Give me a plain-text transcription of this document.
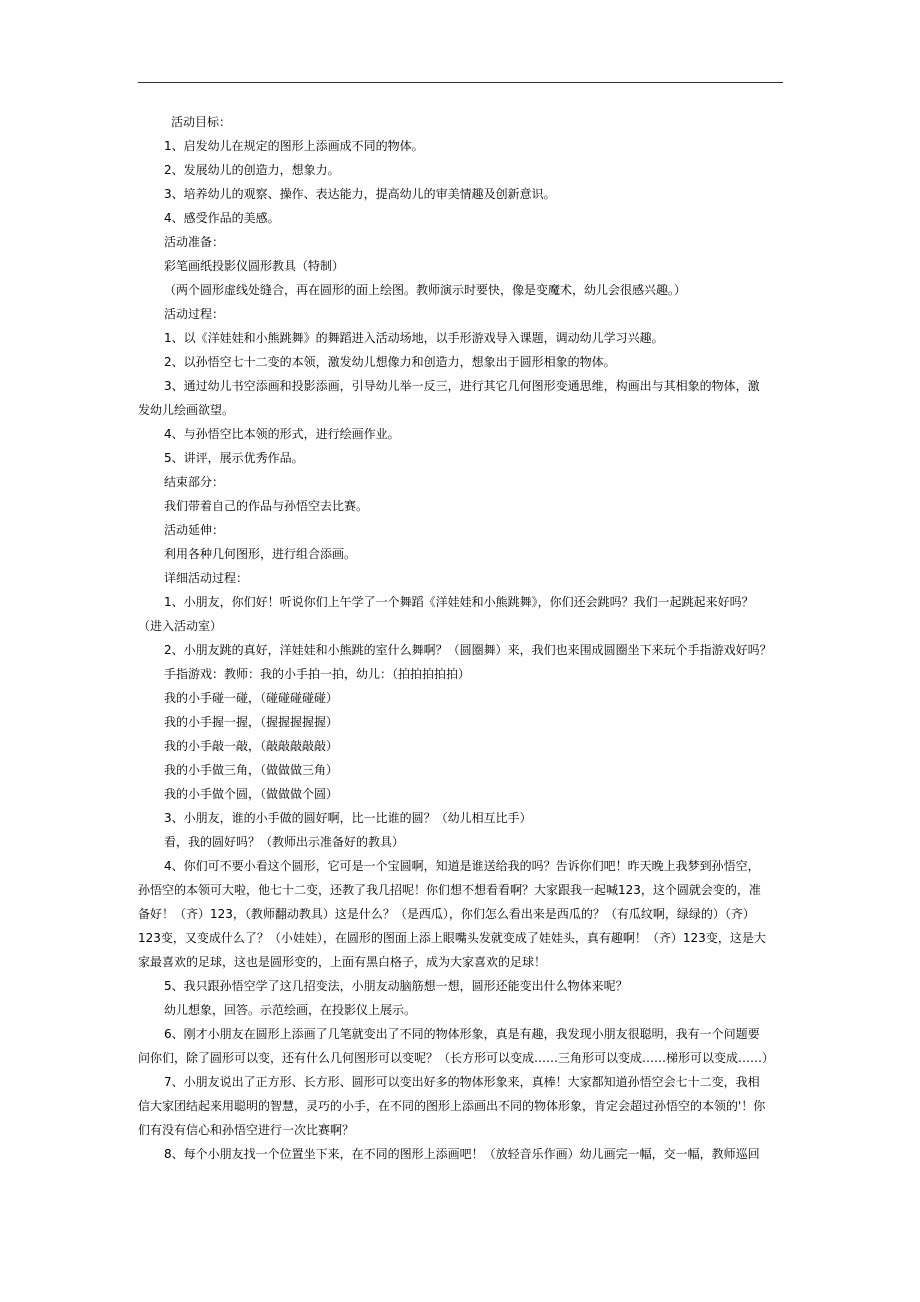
活动目标：
1、启发幼儿在规定的图形上添画成不同的物体。
2、发展幼儿的创造力，想象力。
3、培养幼儿的观察、操作、表达能力，提高幼儿的审美情趣及创新意识。
4、感受作品的美感。
活动准备：
彩笔画纸投影仪圆形教具（特制）
（两个圆形虚线处缝合，再在圆形的面上绘图。教师演示时要快，像是变魔术，幼儿会很感兴趣。）
活动过程：
1、以《洋娃娃和小熊跳舞》的舞蹈进入活动场地，以手形游戏导入课题，调动幼儿学习兴趣。
2、以孙悟空七十二变的本领，激发幼儿想像力和创造力，想象出于圆形相象的物体。
3、通过幼儿书空添画和投影添画，引导幼儿举一反三，进行其它几何图形变通思维，构画出与其相象的物体，激
发幼儿绘画欲望。
4、与孙悟空比本领的形式，进行绘画作业。
5、讲评，展示优秀作品。
结束部分：
我们带着自己的作品与孙悟空去比赛。
活动延伸：
利用各种几何图形，进行组合添画。
详细活动过程：
1、小朋友，你们好！听说你们上午学了一个舞蹈《洋娃娃和小熊跳舞》，你们还会跳吗？我们一起跳起来好吗？
（进入活动室）
2、小朋友跳的真好，洋娃娃和小熊跳的室什么舞啊？（圆圈舞）来，我们也来围成圆圈坐下来玩个手指游戏好吗？
手指游戏：教师：我的小手拍一拍，幼儿：（拍拍拍拍拍）
我的小手碰一碰，（碰碰碰碰碰）
我的小手握一握，（握握握握握）
我的小手敲一敲，（敲敲敲敲敲）
我的小手做三角，（做做做三角）
我的小手做个圆，（做做做个圆）
3、小朋友，谁的小手做的圆好啊，比一比谁的圆？（幼儿相互比手）
看，我的圆好吗？（教师出示准备好的教具）
4、你们可不要小看这个圆形，它可是一个宝圆啊，知道是谁送给我的吗？告诉你们吧！昨天晚上我梦到孙悟空，
孙悟空的本领可大啦，他七十二变，还教了我几招呢！你们想不想看看啊？大家跟我一起喊123，这个圆就会变的，准
备好！（齐）123，（教师翻动教具）这是什么？（是西瓜），你们怎么看出来是西瓜的？（有瓜纹啊，绿绿的）（齐）
123变，又变成什么了？（小娃娃），在圆形的图面上添上眼嘴头发就变成了娃娃头，真有趣啊！（齐）123变，这是大
家最喜欢的足球，这也是圆形变的，上面有黑白格子，成为大家喜欢的足球！
5、我只跟孙悟空学了这几招变法，小朋友动脑筋想一想，圆形还能变出什么物体来呢？
幼儿想象，回答。示范绘画，在投影仪上展示。
6、刚才小朋友在圆形上添画了几笔就变出了不同的物体形象，真是有趣，我发现小朋友很聪明，我有一个问题要
问你们，除了圆形可以变，还有什么几何图形可以变呢？（长方形可以变成……三角形可以变成……梯形可以变成……）
7、小朋友说出了正方形、长方形、圆形可以变出好多的物体形象来，真棒！大家都知道孙悟空会七十二变，我相
信大家团结起来用聪明的智慧，灵巧的小手，在不同的图形上添画出不同的物体形象，肯定会超过孙悟空的本领的'！你
们有没有信心和孙悟空进行一次比赛啊？
8、每个小朋友找一个位置坐下来，在不同的图形上添画吧！（放轻音乐作画）幼儿画完一幅，交一幅，教师巡回
